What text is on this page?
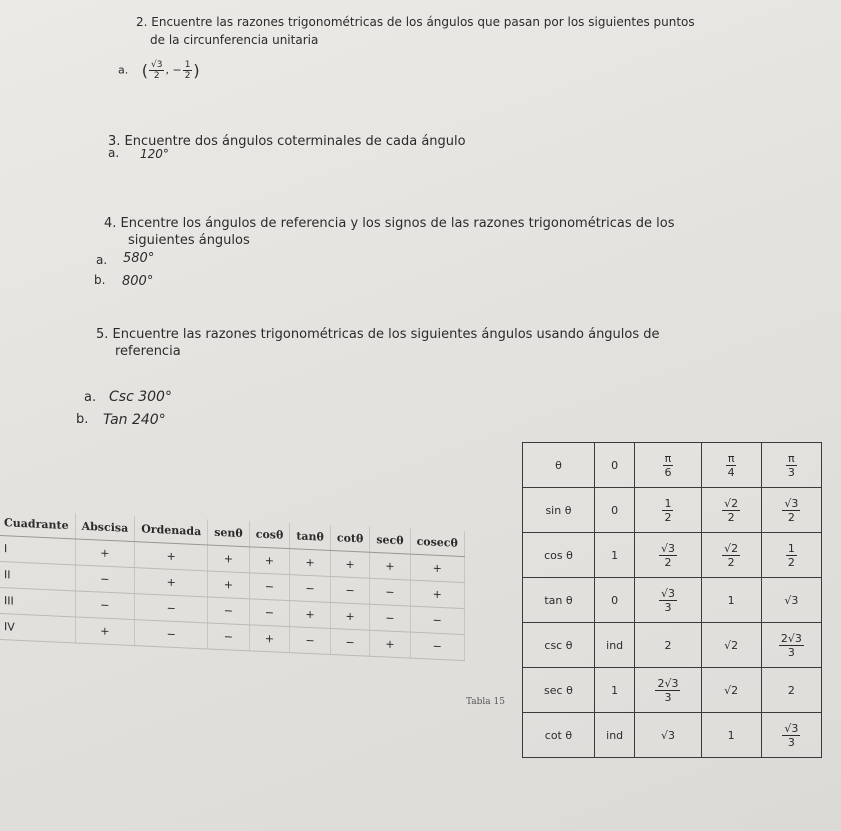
2. Encuentre las razones trigonométricas de los ángulos que pasan por los siguientes puntos
de la circunferencia unitaria
a. ( $\frac{√3}{2}$ , − $\frac{1}{2}$ )
3. Encuentre dos ángulos coterminales de cada ángulo
a. 120°
4. Encentre los ángulos de referencia y los signos de las razones trigonométricas de los
siguientes ángulos
a. 580°
b. 800°
5. Encuentre las razones trigonométricas de los siguientes ángulos usando ángulos de
referencia
a. Csc 300°
b. Tan 240°
Cuadrante	Abscisa	Ordenada	senθ	cosθ	tanθ	cotθ	secθ	cosecθ
I	+	+	+	+	+	+	+	+
II	−	+	+	−	−	−	−	+
III	−	−	−	−	+	+	−	−
IV	+	−	−	+	−	−	+	−
Tabla 15
θ	0	$\frac{\pi}{6}$	$\frac{\pi}{4}$	$\frac{\pi}{3}$

sin θ	0	$\frac{1}{2}$	$\frac{√2}{2}$	$\frac{√3}{2}$

cos θ	1	$\frac{√3}{2}$	$\frac{√2}{2}$	$\frac{1}{2}$

tan θ	0	$\frac{√3}{3}$	1	√3
csc θ	ind	2	√2	$\frac{2√3}{3}$

sec θ	1	$\frac{2√3}{3}$	√2	2
cot θ	ind	√3	1	$\frac{√3}{3}$
